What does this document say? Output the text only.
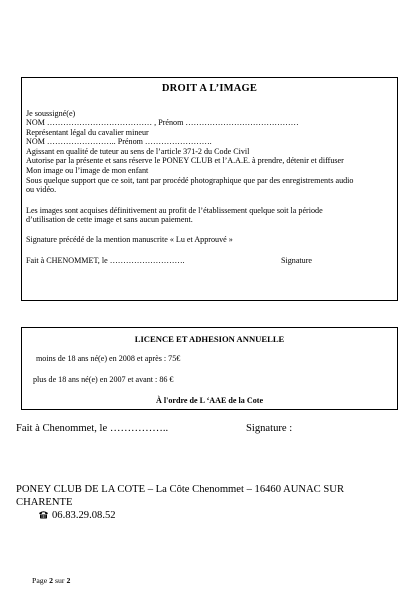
DROIT A L’IMAGE
Je soussigné(e)
NOM ………………………………… , Prénom ……………………………………
Représentant légal du cavalier mineur
NOM …………………….. Prénom …………………….
Agissant en qualité de tuteur au sens de l’article 371-2 du Code Civil
Autorise par la présente et sans réserve le PONEY CLUB et l’A.A.E. à prendre, détenir et diffuser
Mon image ou l’image de mon enfant
Sous quelque support que ce soit, tant par procédé photographique que par des enregistrements audio
ou vidéo.
Les images sont acquises définitivement au profit de l’établissement quelque soit la période
d’utilisation de cette image et sans aucun paiement.
Signature précédé de la mention manuscrite « Lu et Approuvé »
Fait à CHENOMMET, le ……………………….	Signature
LICENCE ET ADHESION ANNUELLE
moins de 18 ans né(e) en 2008 et après : 75€
plus de 18 ans né(e) en 2007 et avant : 86 €
À l'ordre de L ‘AAE de la Cote
Fait à Chenommet, le ……………..	Signature :
PONEY CLUB DE LA COTE – La Côte Chenommet – 16460 AUNAC SUR
CHARENTE
06.83.29.08.52
Page 2 sur 2
